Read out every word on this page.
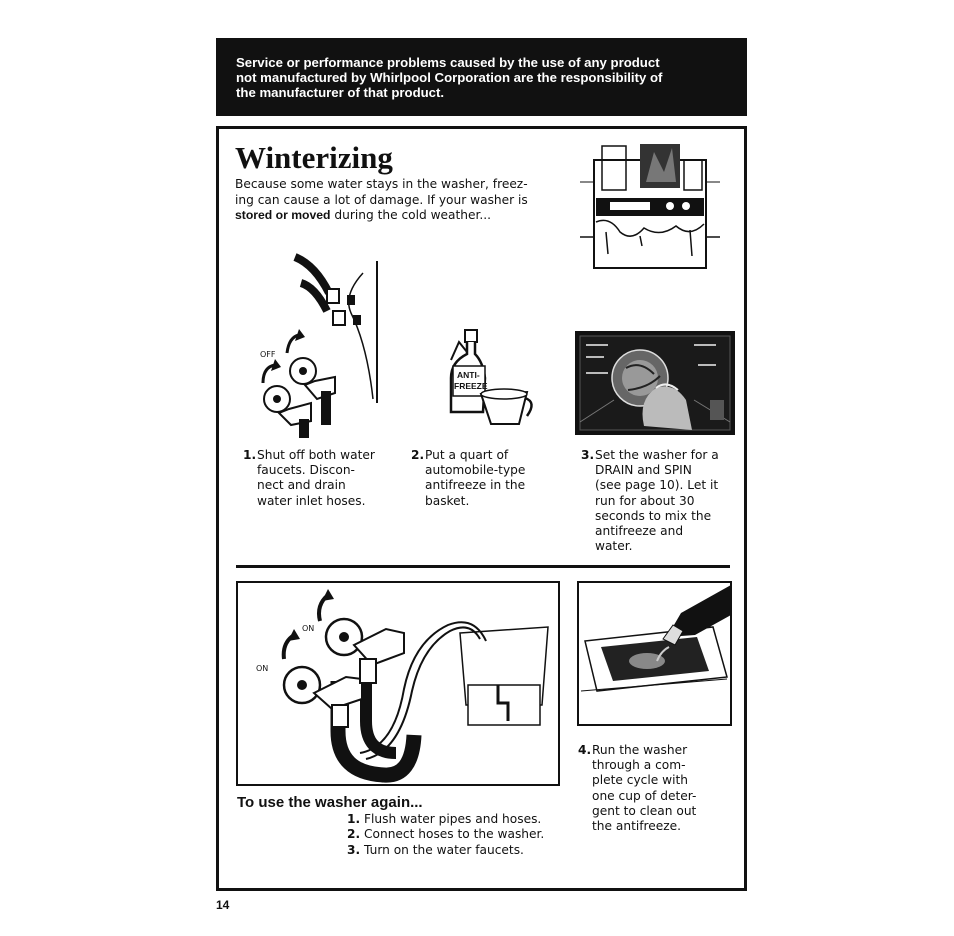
Service or performance problems caused by the use of any product
not manufactured by Whirlpool Corporation are the responsibility of
the manufacturer of that product.
Winterizing
Because some water stays in the washer, freez-
ing can cause a lot of damage. If your washer is
stored or moved during the cold weather...
OFF
ANTI-
FREEZE
1. Shut off both water
faucets. Discon-
nect and drain
water inlet hoses.
2. Put a quart of
automobile-type
antifreeze in the
basket.
3. Set the washer for a
DRAIN and SPIN
(see page 10). Let it
run for about 30
seconds to mix the
antifreeze and
water.
ON
ON
4. Run the washer
through a com-
plete cycle with
one cup of deter-
gent to clean out
the antifreeze.
To use the washer again...
1. Flush water pipes and hoses.
2. Connect hoses to the washer.
3. Turn on the water faucets.
14
